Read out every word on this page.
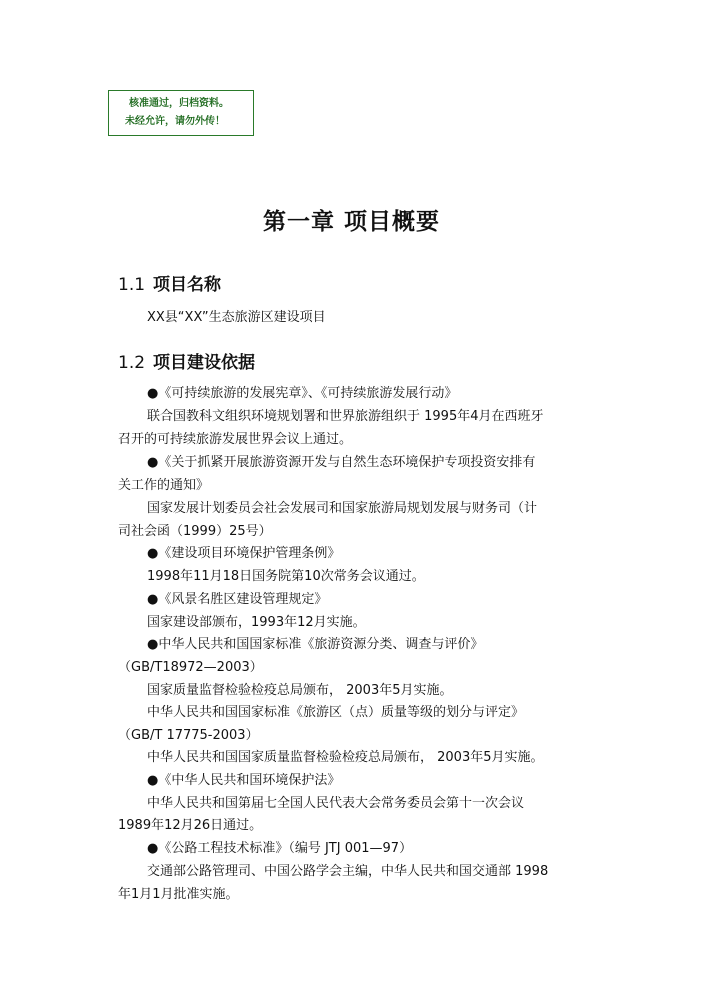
核准通过，归档资料。
未经允许，请勿外传！
第一章 项目概要
1.1 项目名称
XX县“XX”生态旅游区建设项目
1.2 项目建设依据
●《可持续旅游的发展宪章》、《可持续旅游发展行动》
联合国教科文组织环境规划署和世界旅游组织于 1995年4月在西班牙
召开的可持续旅游发展世界会议上通过。
●《关于抓紧开展旅游资源开发与自然生态环境保护专项投资安排有
关工作的通知》
国家发展计划委员会社会发展司和国家旅游局规划发展与财务司（计
司社会函（1999）25号）
●《建设项目环境保护管理条例》
1998年11月18日国务院第10次常务会议通过。
●《风景名胜区建设管理规定》
国家建设部颁布，1993年12月实施。
●中华人民共和国国家标准《旅游资源分类、调查与评价》
（GB/T18972—2003）
国家质量监督检验检疫总局颁布， 2003年5月实施。
中华人民共和国国家标准《旅游区（点）质量等级的划分与评定》
（GB/T 17775-2003）
中华人民共和国国家质量监督检验检疫总局颁布， 2003年5月实施。
●《中华人民共和国环境保护法》
中华人民共和国第届七全国人民代表大会常务委员会第十一次会议
1989年12月26日通过。
●《公路工程技术标准》（编号 JTJ 001—97）
交通部公路管理司、中国公路学会主编，中华人民共和国交通部 1998
年1月1月批准实施。
